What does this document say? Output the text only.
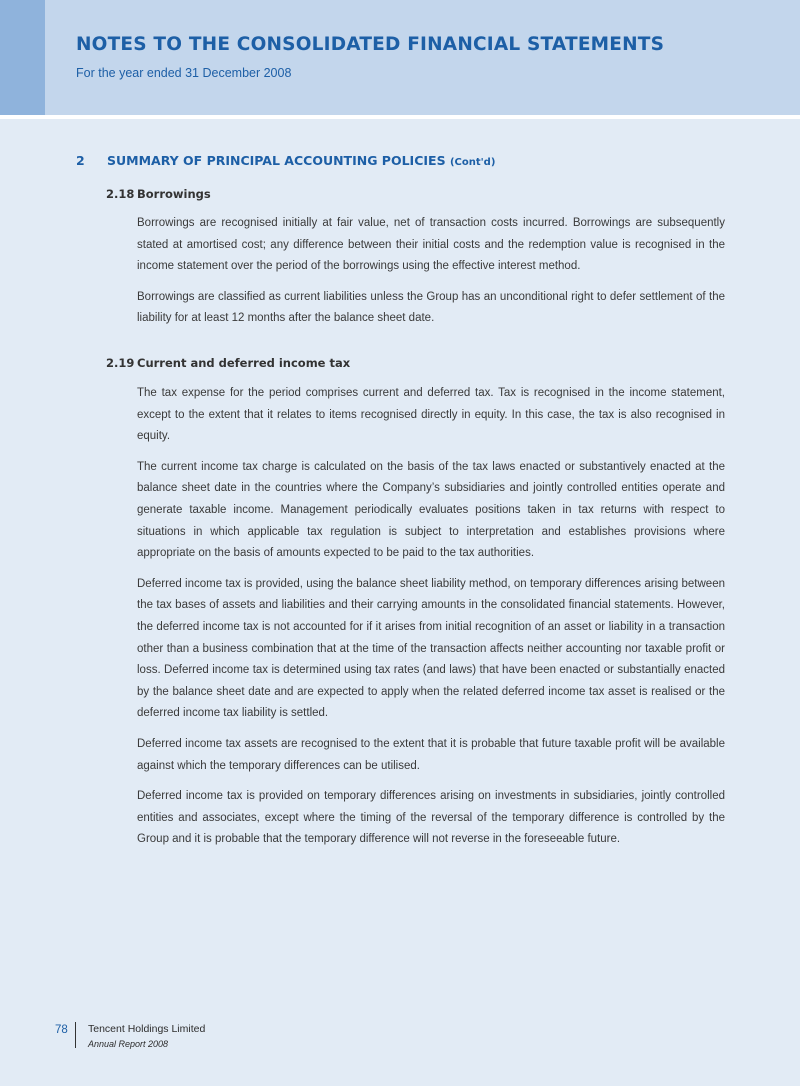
NOTES TO THE CONSOLIDATED FINANCIAL STATEMENTS
For the year ended 31 December 2008
2 SUMMARY OF PRINCIPAL ACCOUNTING POLICIES (Cont'd)
2.18 Borrowings

Borrowings are recognised initially at fair value, net of transaction costs incurred. Borrowings are subsequently stated at amortised cost; any difference between their initial costs and the redemption value is recognised in the income statement over the period of the borrowings using the effective interest method.

Borrowings are classified as current liabilities unless the Group has an unconditional right to defer settlement of the liability for at least 12 months after the balance sheet date.

2.19 Current and deferred income tax

The tax expense for the period comprises current and deferred tax. Tax is recognised in the income statement, except to the extent that it relates to items recognised directly in equity. In this case, the tax is also recognised in equity.

The current income tax charge is calculated on the basis of the tax laws enacted or substantively enacted at the balance sheet date in the countries where the Company’s subsidiaries and jointly controlled entities operate and generate taxable income. Management periodically evaluates positions taken in tax returns with respect to situations in which applicable tax regulation is subject to interpretation and establishes provisions where appropriate on the basis of amounts expected to be paid to the tax authorities.

Deferred income tax is provided, using the balance sheet liability method, on temporary differences arising between the tax bases of assets and liabilities and their carrying amounts in the consolidated financial statements. However, the deferred income tax is not accounted for if it arises from initial recognition of an asset or liability in a transaction other than a business combination that at the time of the transaction affects neither accounting nor taxable profit or loss. Deferred income tax is determined using tax rates (and laws) that have been enacted or substantially enacted by the balance sheet date and are expected to apply when the related deferred income tax asset is realised or the deferred income tax liability is settled.

Deferred income tax assets are recognised to the extent that it is probable that future taxable profit will be available against which the temporary differences can be utilised.

Deferred income tax is provided on temporary differences arising on investments in subsidiaries, jointly controlled entities and associates, except where the timing of the reversal of the temporary difference is controlled by the Group and it is probable that the temporary difference will not reverse in the foreseeable future.

78 Tencent Holdings Limited
Annual Report 2008
